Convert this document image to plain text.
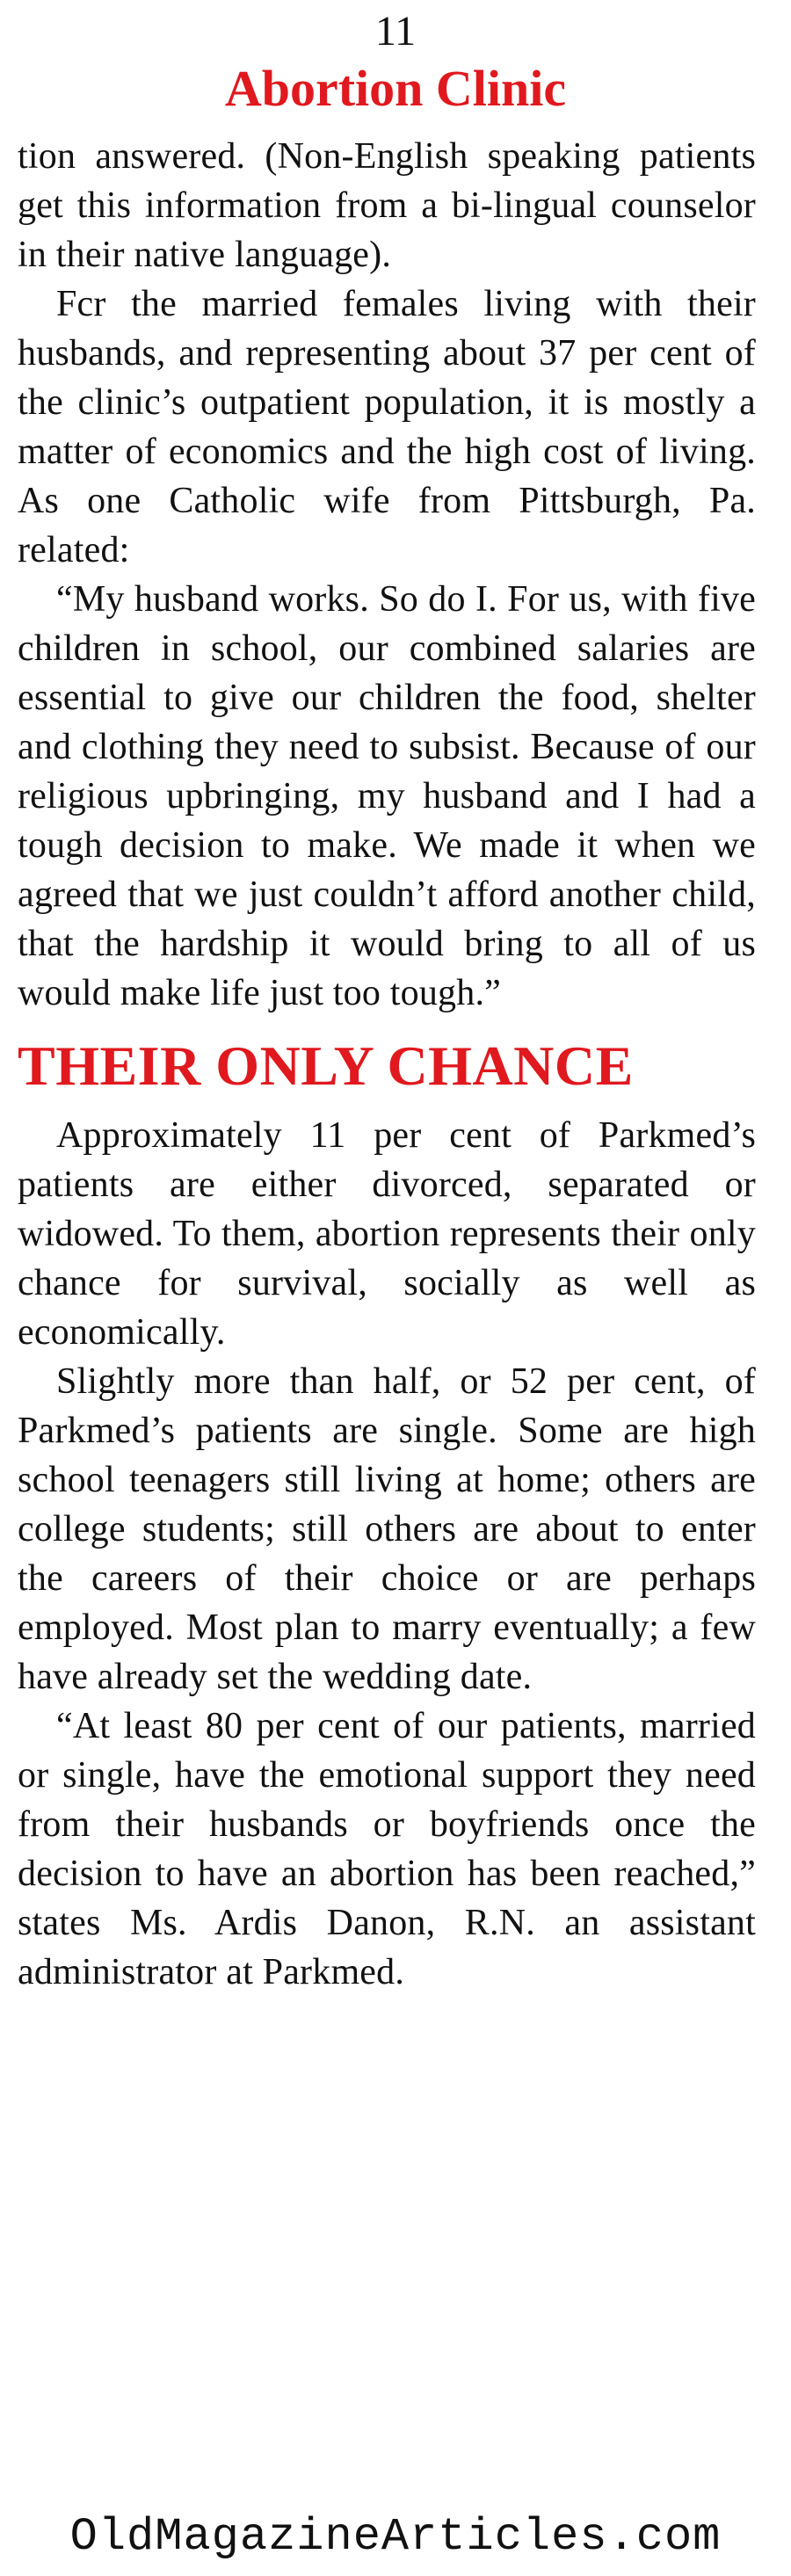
11
Abortion Clinic

tion answered. (Non-English speaking patients get this information from a bi-lingual counselor in their native language).

Fcr the married females living with their husbands, and representing about 37 per cent of the clinic’s outpatient population, it is mostly a matter of economics and the high cost of living. As one Catholic wife from Pittsburgh, Pa. related:

“My husband works. So do I. For us, with five children in school, our combined salaries are essential to give our children the food, shelter and clothing they need to subsist. Because of our religious upbringing, my husband and I had a tough decision to make. We made it when we agreed that we just couldn’t afford another child, that the hardship it would bring to all of us would make life just too tough.”

THEIR ONLY CHANCE

Approximately 11 per cent of Parkmed’s patients are either divorced, separated or widowed. To them, abortion represents their only chance for survival, socially as well as economically.

Slightly more than half, or 52 per cent, of Parkmed’s patients are single. Some are high school teenagers still living at home; others are college students; still others are about to enter the careers of their choice or are perhaps employed. Most plan to marry eventually; a few have already set the wedding date.

“At least 80 per cent of our patients, married or single, have the emotional support they need from their husbands or boyfriends once the decision to have an abortion has been reached,” states Ms. Ardis Danon, R.N. an assistant administrator at Parkmed.

OldMagazineArticles.com
